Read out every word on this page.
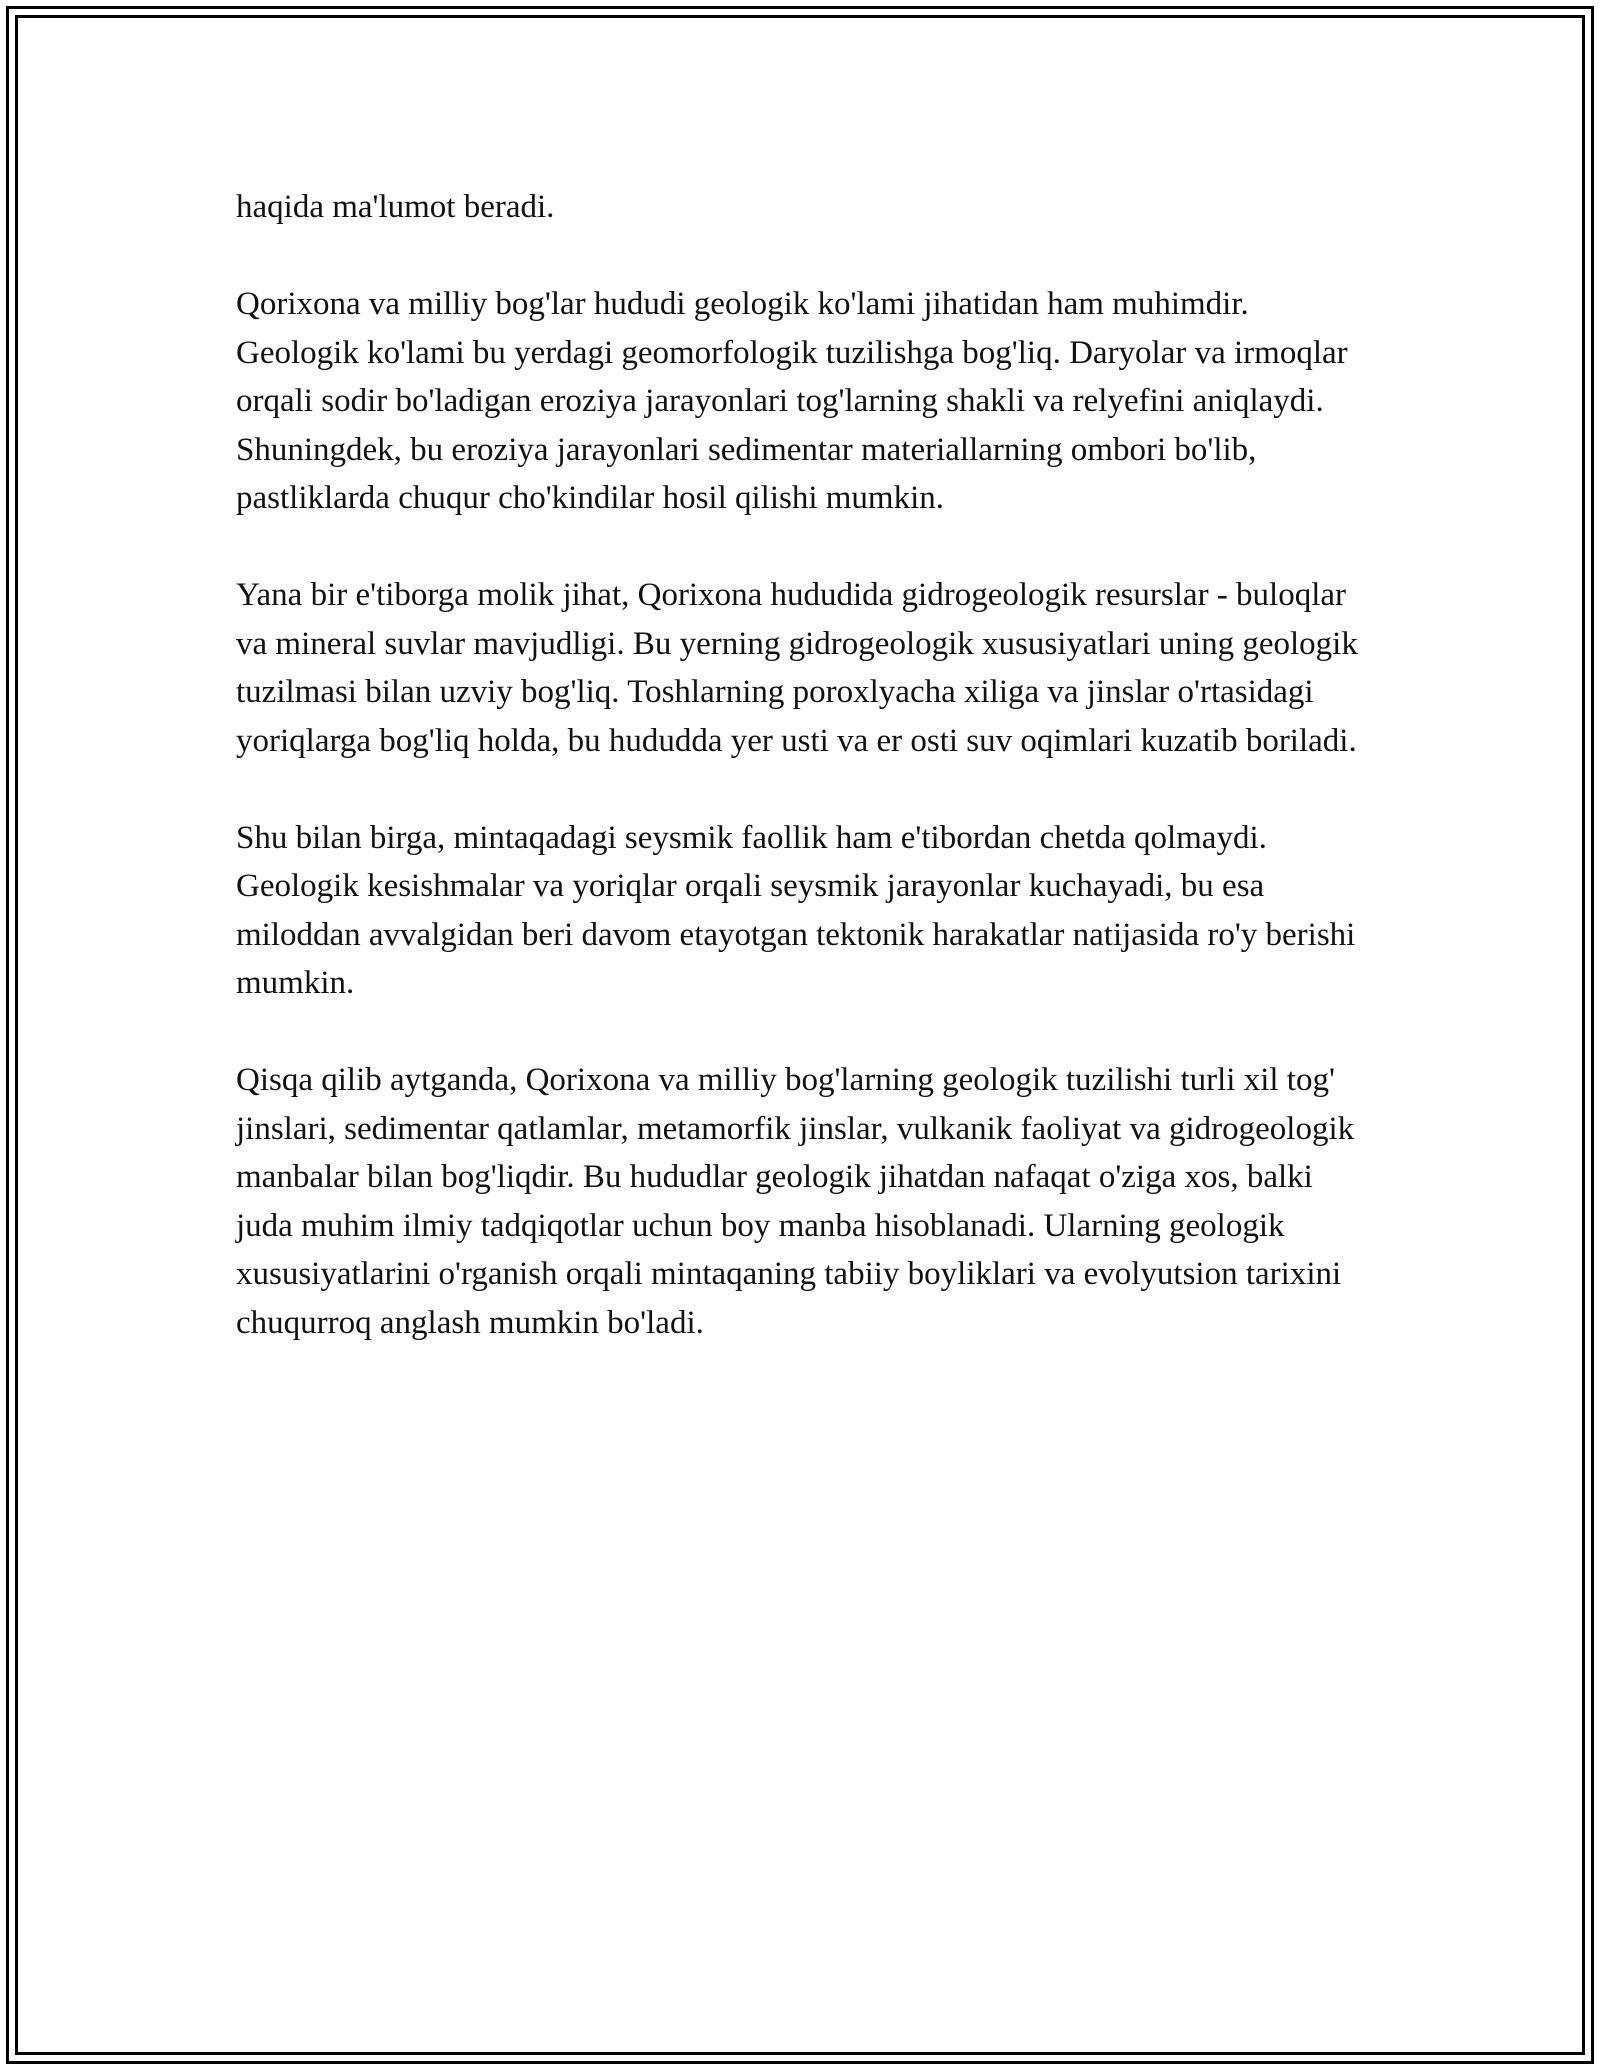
haqida ma'lumot beradi.

Qorixona va milliy bog'lar hududi geologik ko'lami jihatidan ham muhimdir. Geologik ko'lami bu yerdagi geomorfologik tuzilishga bog'liq. Daryolar va irmoqlar orqali sodir bo'ladigan eroziya jarayonlari tog'larning shakli va relyefini aniqlaydi. Shuningdek, bu eroziya jarayonlari sedimentar materiallarning ombori bo'lib, pastliklarda chuqur cho'kindilar hosil qilishi mumkin.

Yana bir e'tiborga molik jihat, Qorixona hududida gidrogeologik resurslar - buloqlar va mineral suvlar mavjudligi. Bu yerning gidrogeologik xususiyatlari uning geologik tuzilmasi bilan uzviy bog'liq. Toshlarning poroxlyacha xiliga va jinslar o'rtasidagi yoriqlarga bog'liq holda, bu hududda yer usti va er osti suv oqimlari kuzatib boriladi.

Shu bilan birga, mintaqadagi seysmik faollik ham e'tibordan chetda qolmaydi. Geologik kesishmalar va yoriqlar orqali seysmik jarayonlar kuchayadi, bu esa miloddan avvalgidan beri davom etayotgan tektonik harakatlar natijasida ro'y berishi mumkin.

Qisqa qilib aytganda, Qorixona va milliy bog'larning geologik tuzilishi turli xil tog' jinslari, sedimentar qatlamlar, metamorfik jinslar, vulkanik faoliyat va gidrogeologik manbalar bilan bog'liqdir. Bu hududlar geologik jihatdan nafaqat o'ziga xos, balki juda muhim ilmiy tadqiqotlar uchun boy manba hisoblanadi. Ularning geologik xususiyatlarini o'rganish orqali mintaqaning tabiiy boyliklari va evolyutsion tarixini chuqurroq anglash mumkin bo'ladi.
